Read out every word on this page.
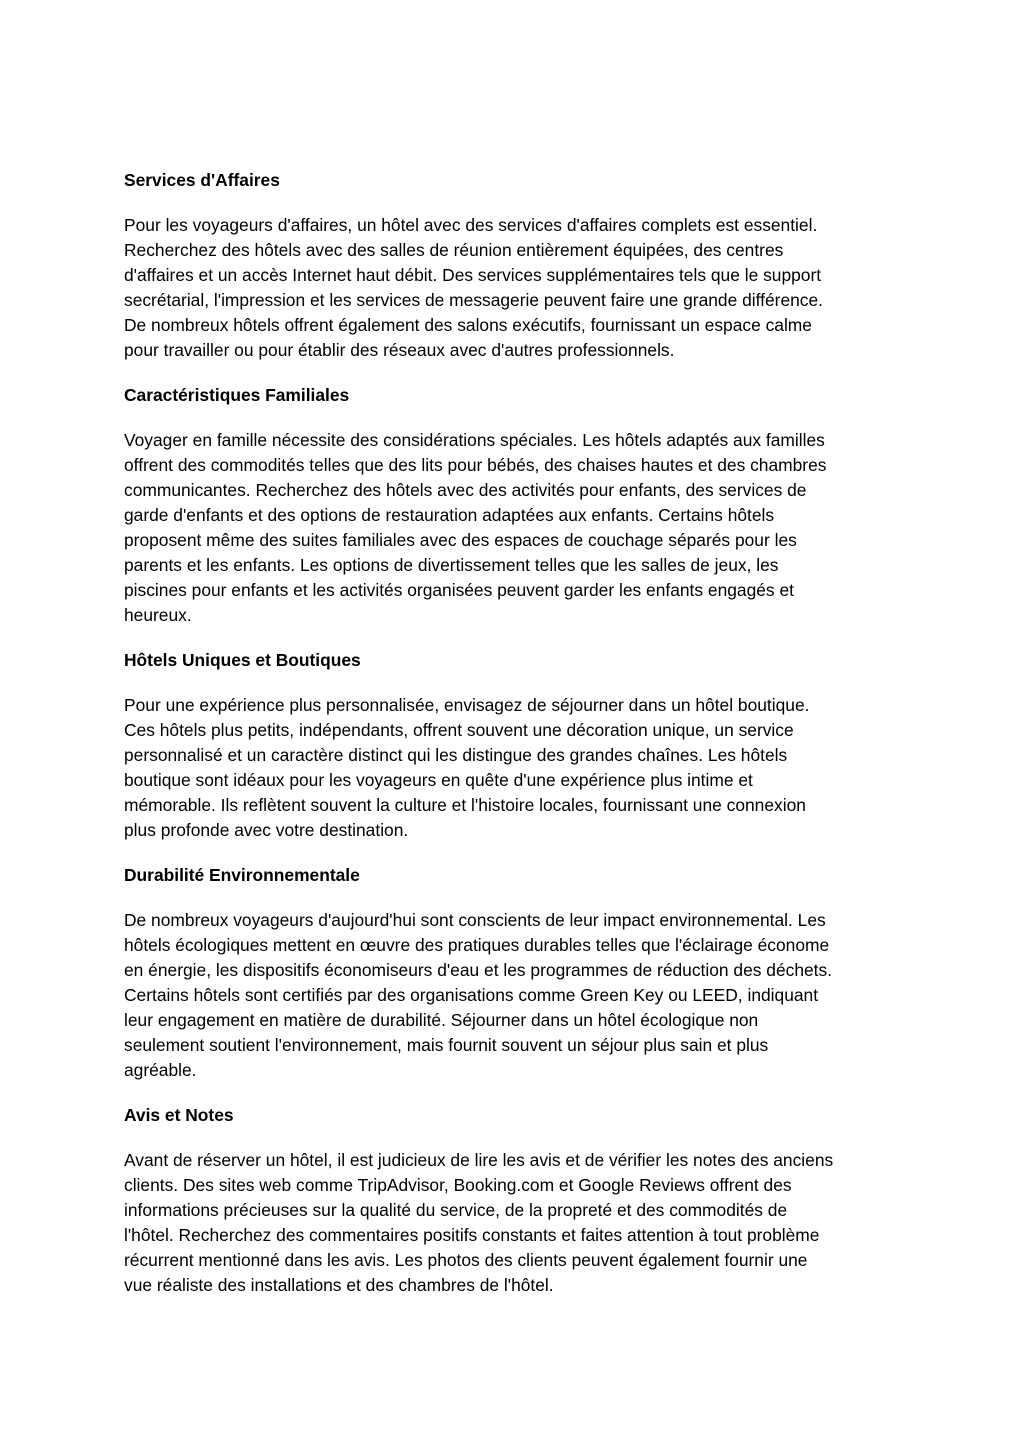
Services d'Affaires

Pour les voyageurs d'affaires, un hôtel avec des services d'affaires complets est essentiel.
Recherchez des hôtels avec des salles de réunion entièrement équipées, des centres
d'affaires et un accès Internet haut débit. Des services supplémentaires tels que le support
secrétarial, l'impression et les services de messagerie peuvent faire une grande différence.
De nombreux hôtels offrent également des salons exécutifs, fournissant un espace calme
pour travailler ou pour établir des réseaux avec d'autres professionnels.

Caractéristiques Familiales

Voyager en famille nécessite des considérations spéciales. Les hôtels adaptés aux familles
offrent des commodités telles que des lits pour bébés, des chaises hautes et des chambres
communicantes. Recherchez des hôtels avec des activités pour enfants, des services de
garde d'enfants et des options de restauration adaptées aux enfants. Certains hôtels
proposent même des suites familiales avec des espaces de couchage séparés pour les
parents et les enfants. Les options de divertissement telles que les salles de jeux, les
piscines pour enfants et les activités organisées peuvent garder les enfants engagés et
heureux.

Hôtels Uniques et Boutiques

Pour une expérience plus personnalisée, envisagez de séjourner dans un hôtel boutique.
Ces hôtels plus petits, indépendants, offrent souvent une décoration unique, un service
personnalisé et un caractère distinct qui les distingue des grandes chaînes. Les hôtels
boutique sont idéaux pour les voyageurs en quête d'une expérience plus intime et
mémorable. Ils reflètent souvent la culture et l'histoire locales, fournissant une connexion
plus profonde avec votre destination.

Durabilité Environnementale

De nombreux voyageurs d'aujourd'hui sont conscients de leur impact environnemental. Les
hôtels écologiques mettent en œuvre des pratiques durables telles que l'éclairage économe
en énergie, les dispositifs économiseurs d'eau et les programmes de réduction des déchets.
Certains hôtels sont certifiés par des organisations comme Green Key ou LEED, indiquant
leur engagement en matière de durabilité. Séjourner dans un hôtel écologique non
seulement soutient l'environnement, mais fournit souvent un séjour plus sain et plus
agréable.

Avis et Notes

Avant de réserver un hôtel, il est judicieux de lire les avis et de vérifier les notes des anciens
clients. Des sites web comme TripAdvisor, Booking.com et Google Reviews offrent des
informations précieuses sur la qualité du service, de la propreté et des commodités de
l'hôtel. Recherchez des commentaires positifs constants et faites attention à tout problème
récurrent mentionné dans les avis. Les photos des clients peuvent également fournir une
vue réaliste des installations et des chambres de l'hôtel.
